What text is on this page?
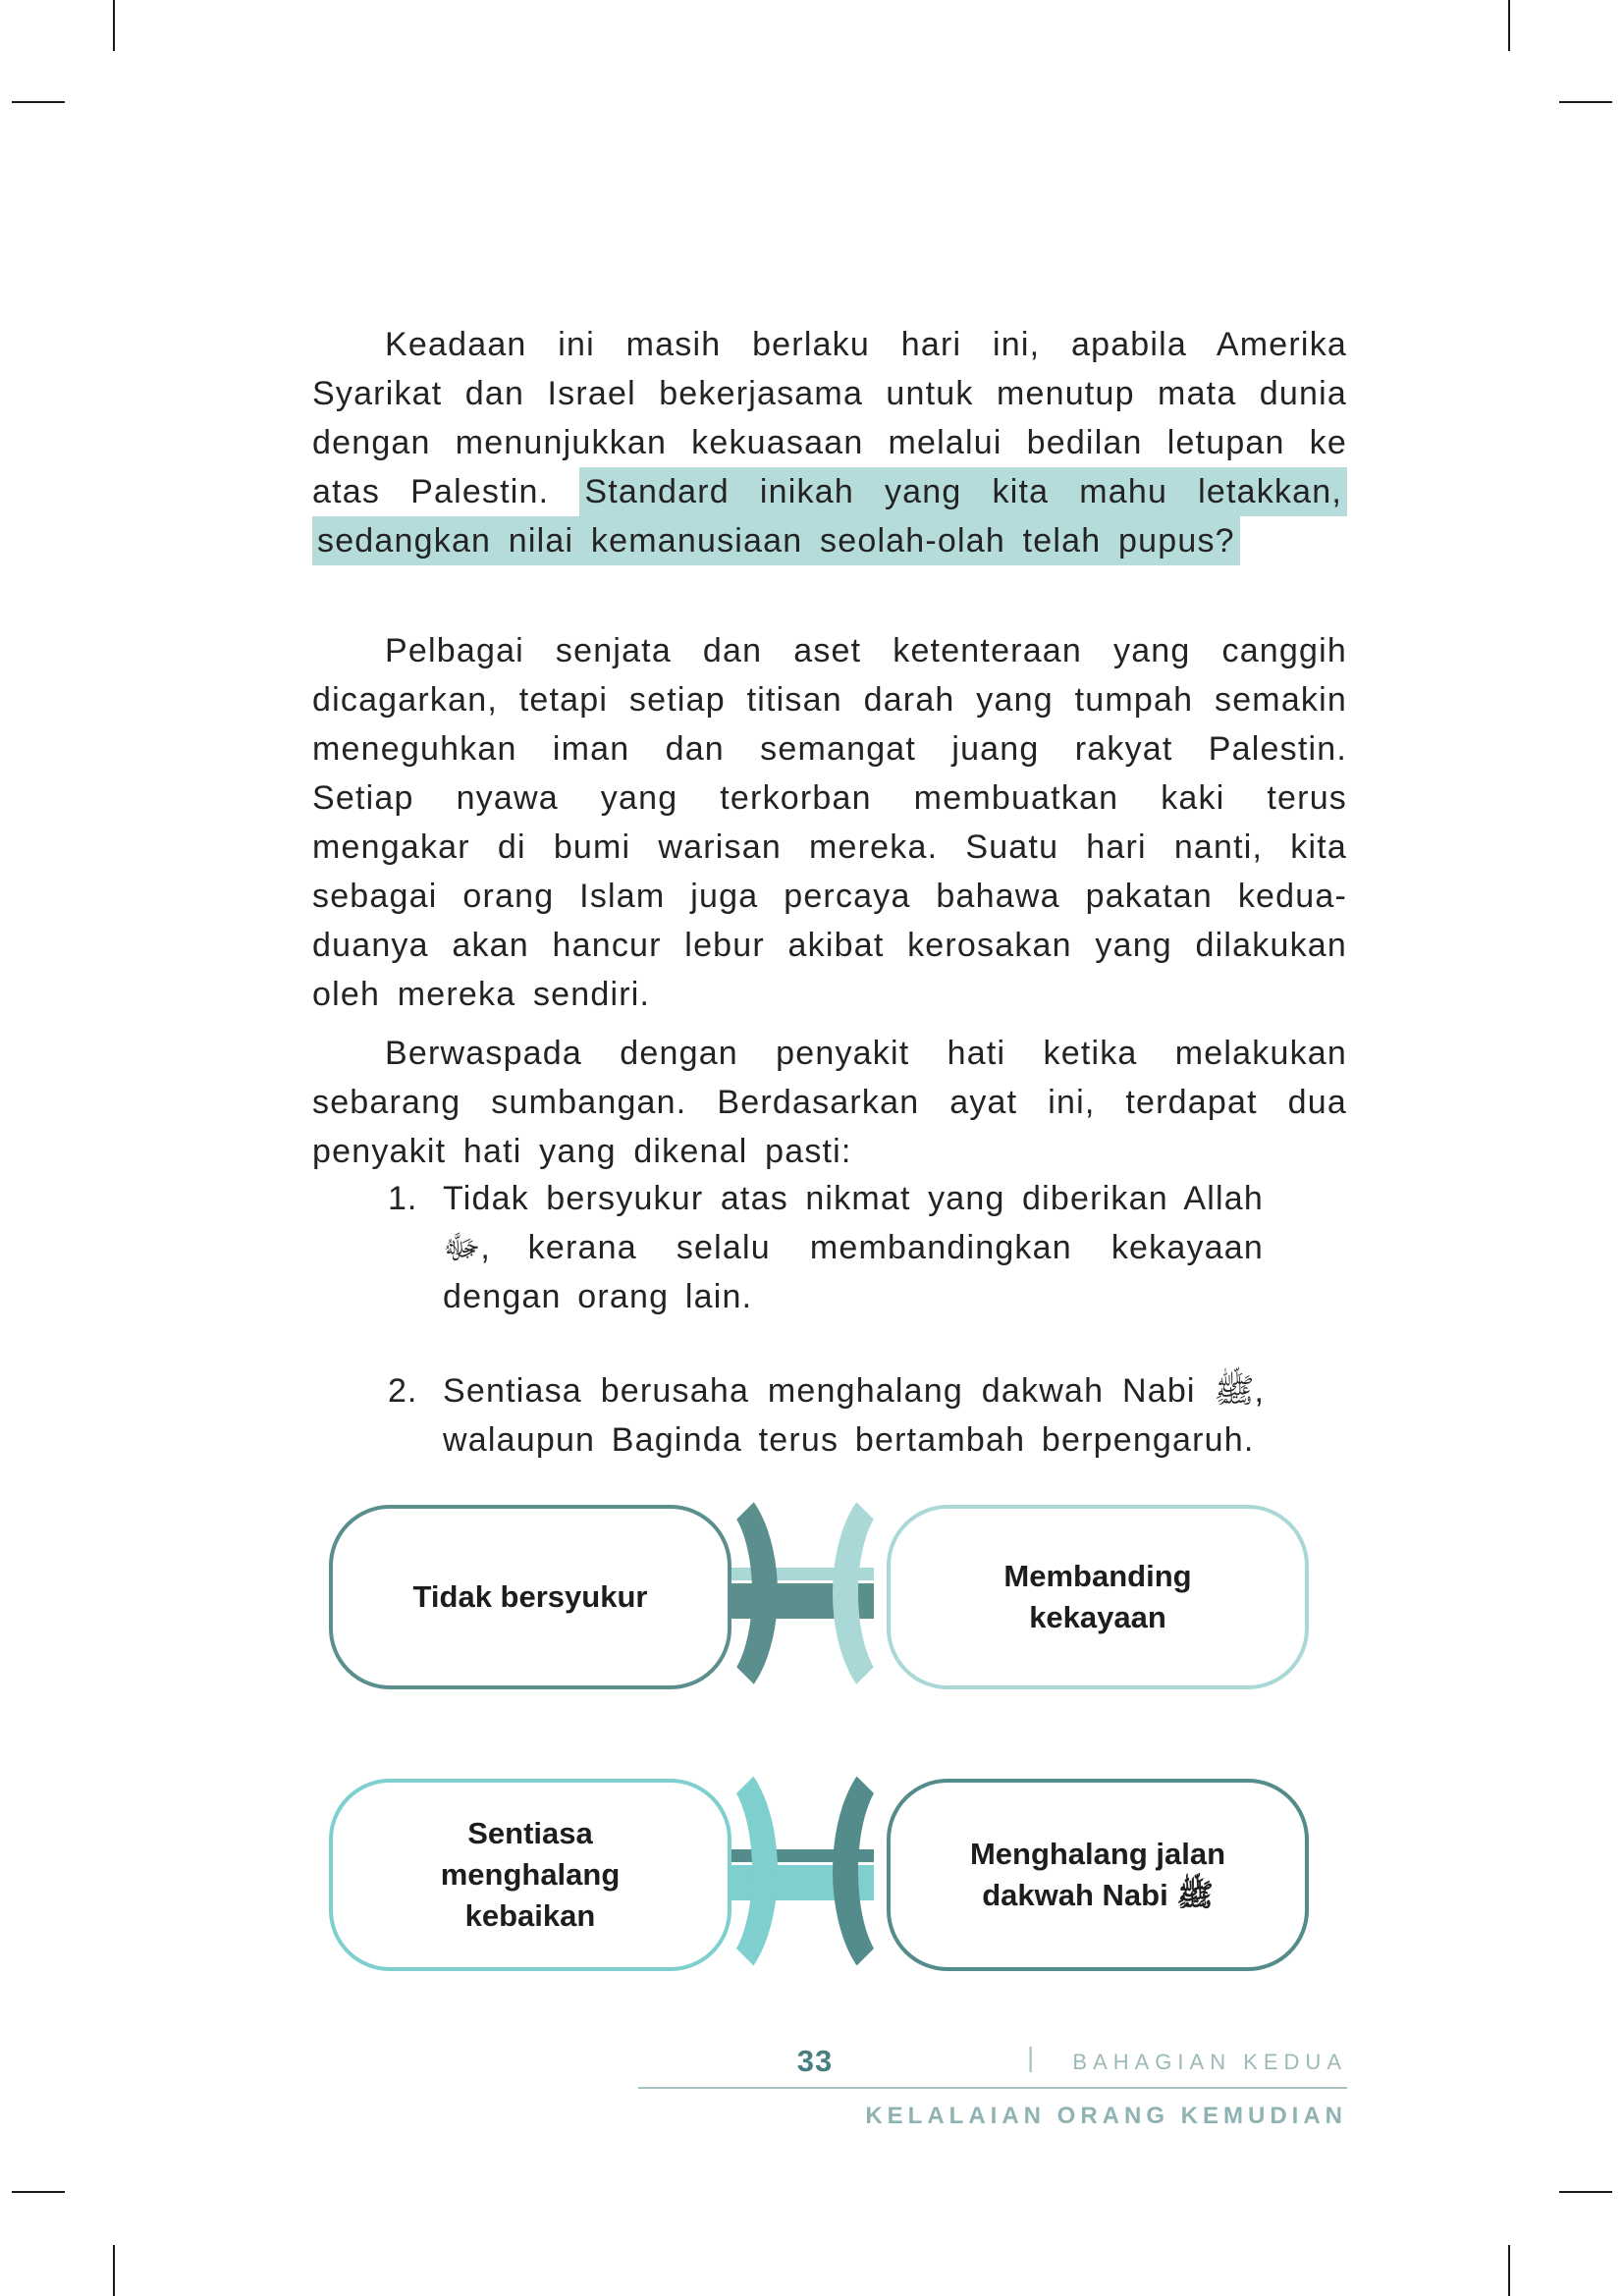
Keadaan ini masih berlaku hari ini, apabila Amerika Syarikat dan Israel bekerjasama untuk menutup mata dunia dengan menunjukkan kekuasaan melalui bedilan letupan ke atas Palestin. Standard inikah yang kita mahu letakkan, sedangkan nilai kemanusiaan seolah-olah telah pupus?

Pelbagai senjata dan aset ketenteraan yang canggih dicagarkan, tetapi setiap titisan darah yang tumpah semakin meneguhkan iman dan semangat juang rakyat Palestin. Setiap nyawa yang terkorban membuatkan kaki terus mengakar di bumi warisan mereka. Suatu hari nanti, kita sebagai orang Islam juga percaya bahawa pakatan kedua-duanya akan hancur lebur akibat kerosakan yang dilakukan oleh mereka sendiri.

Berwaspada dengan penyakit hati ketika melakukan sebarang sumbangan. Berdasarkan ayat ini, terdapat dua penyakit hati yang dikenal pasti:

1. Tidak bersyukur atas nikmat yang diberikan Allah ﷻ, kerana selalu membandingkan kekayaan dengan orang lain.
2. Sentiasa berusaha menghalang dakwah Nabi ﷺ, walaupun Baginda terus bertambah berpengaruh.
Tidak bersyukur
Membanding kekayaan
Sentiasa menghalang kebaikan
Menghalang jalan dakwah Nabi ﷺ
33	| BAHAGIAN KEDUA
KELALAIAN ORANG KEMUDIAN
